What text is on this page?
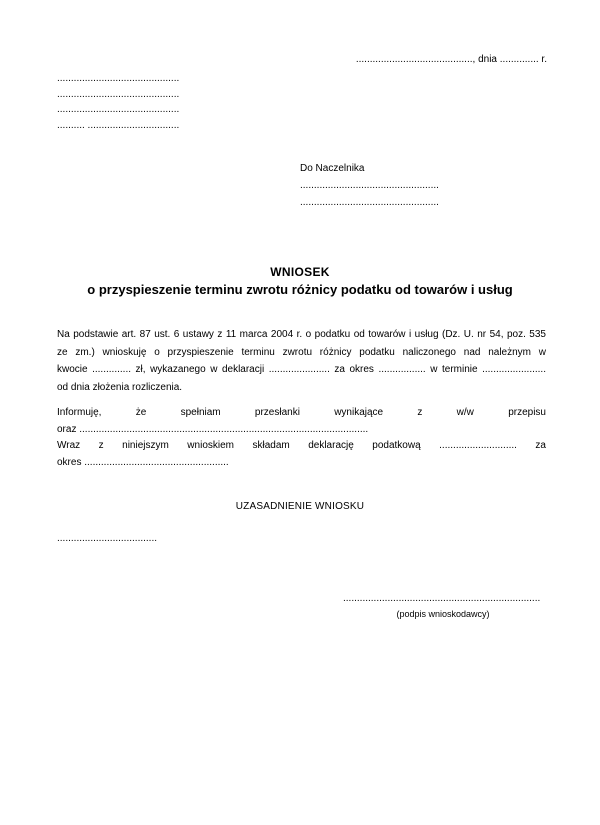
.........................................., dnia .............. r.
............................................
............................................
............................................
.......... .................................
Do Naczelnika
..................................................
..................................................
WNIOSEK
o przyspieszenie terminu zwrotu różnicy podatku od towarów i usług
Na podstawie art. 87 ust. 6 ustawy z 11 marca 2004 r. o podatku od towarów i usług (Dz. U. nr 54, poz. 535
ze zm.) wnioskuję o przyspieszenie terminu zwrotu różnicy podatku naliczonego nad należnym w
kwocie .............. zł, wykazanego w deklaracji ...................... za okres ................. w terminie .......................
od dnia złożenia rozliczenia.
Informuję, że spełniam przesłanki wynikające z w/w przepisu
oraz ........................................................................................................
Wraz z niniejszym wnioskiem składam deklarację podatkową ............................ za
okres ....................................................
UZASADNIENIE WNIOSKU
....................................
.......................................................................
(podpis wnioskodawcy)
